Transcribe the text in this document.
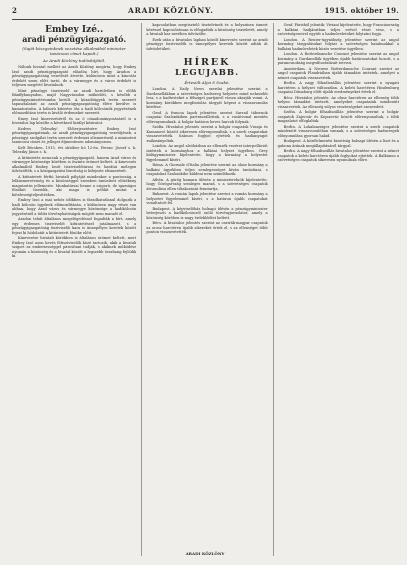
2	ARADI KÖZLÖNY.	1915. október 19.
Embey Izé..
aradi pénzügyigazgató.
(Saját közegeinknek vezetése alkalmából miniszter tanácsosi címet kapott.)
Az Aradi Közlöny tudósítójától.

Nálunk hivatal mellett az Aradi Közlöny megírta, hogy Embey Izsó aradi pénzügyigazgató előadóa hírt, hogy Aradon a pénzügyigazgatóság vezetését átvette, különösen mint a kincstár érdekét szem előtt tartó, de a vármegye és a város érdekét is teljesen megértő hivatalnok.

Mint pénzügyi tisztviselő az aradi kerületben is előbb Bánffyhunyadon, majd Nagyváradon működött, s később a pénzügyminisztériumba került. A közadóügyek terén szerzett tapasztalatait az aradi pénzügyigazgatóság élére kerülve is kamatoztatta. A háború kitörése óta a hadi kölcsönök jegyzésének előmozdítása terén is kiváló érdemeket szerzett.

Emey Izsó kinevezéséről és az ő címadományozásáról is a hivatalos lap közölte a következő királyi kéziratot.

Kedves Teleszky! Előterjesztésére Embey Izsó pénzügyigazgatónak, az aradi pénzügyigazgatóság vezetőjének, a pénzügyi szolgálat terén szerzett érdemei elismeréseül a miniszteri tanácsosi címet és jelleget díjmentesen adományozom.

Kelt Bécsben, 1915. évi október hó 12-én. Ferenc József s. k. Teleszky János s. k.

A kitüntetés nemcsak a pénzügyigazgató, hanem Arad város és vármegye közönsége körében is őszinte örömet keltett. A kinevezés alkalmából Embey Izsót tisztviselőtársai és barátai melegen üdvözölték, s a közigazgatási bizottság is kifejezte elismerését.

A kitüntetett férfiú hivatali pályáját mindenkor a pontosság, a lelkiismeretesség és a közönséggel szemben tanúsított előzékeny magatartás jellemezte. Munkatársai benne a szigorú, de igazságos főnököt tisztelik, aki maga is példát mutat a kötelességteljesítésben.

Embey Izsó a mai nehéz időkben is fáradhatatlanul dolgozik a hadi kölcsön ügyének előmozdításán, s különösen nagy része van abban, hogy Arad város és vármegye közönsége a hadikölcsön jegyzésénél a többi törvényhatóságok mögött nem maradt el.

Aradon tehát általános megelégedéssel fogadták a hírt, amely egy érdemes tisztviselőt kitüntetéssel jutalmazott, s a pénzügyigazgatóság tisztviselői kara is ünnepélyes keretek között fejezi ki hódolatát a kitüntetett főnöke előtt.

Kinevezése hivatali körökben is általános örömet keltett, mert Embey Izsó azon kevés főtisztviselők közé tartozik, akik a hivatali szigort az emberiességgel párosítani tudják, s akiknek működése nyomán a közönség és a hivatal között a legszebb összhang fejlődik ki.

kapcsolatban megtisztelő tiszteletnek és a helyszínen ismert kéréssel kapcsolatosan is elfogadták a közönség tiszteletét, amely a hivatali kar nevében üdvözölte.

Ezek után a hivatalos lapban közölt kinevezés szerint az aradi pénzügyi tisztviselők is ünnepélyes keretek között adták át üdvözletüket.

HÍREK
LEGUJABB.
Értesült Aljai S Szabó.

London. A Daily News szerdai jelentése szerint a Dardanellákban a szövetséges hadsereg helyzete mind nehezebb lesz, s a hadtesteket a félsziget partjairól vissza akarják vonni. A kormány körökben megfontolás tárgyát képezi a visszavonulás kérdése.

Genf. A francia lapok jelentése szerint Sarrail tábornok csapatai Szalonikiben partraszállottak, s a vasútvonal mentén előrenyomulnak. A bolgár határon heves harcok folynak.

Szófia. Hivatalos jelentés szerint a bolgár csapatok Vranja és Kumanovó között sikeresen előrenyomultak, s a szerb csapatokat visszavetették. Számos foglyot ejtettek és hadianyagot zsákmányoltak.

London. Az angol alsóházban az ellenzék vezérei interpellációt intéztek a kormányhoz a balkáni helyzet ügyében. Grey külügyminiszter kijelentette, hogy a kormány a helyzetet figyelemmel kíséri.

Róma. A Giornale d'Italia jelentése szerint az olasz kormány a balkáni ügyekben teljes semlegességet kíván tanúsítani, s csapatokat Szalonikibe küldeni nem szándékozik.

Athén. A görög kamara ülésén a miniszterelnök kijelentette, hogy Görögország semleges marad, s a szövetséges csapatok átvonulása ellen tiltakozását fenntartja.

Bukarest. A román lapok jelentése szerint a román kormány a helyzetet figyelemmel kíséri, s a határon újabb csapatokat vonultatott fel.

Budapest. A képviselőház holnapi ülésén a pénzügyminiszter beterjeszti a hadikölcsönről szóló törvényjavaslatot, amely a közönség körében is nagy érdeklődést keltett.

Bécs. A hivatalos jelentés szerint az osztrák-magyar csapatok az orosz harctéren újabb sikereket értek el, s az ellenséget több ponton visszavetették.

ARADI KÖZLÖNY

Genf. Párisból jelentik: Viviani kijelentette, hogy Franciaország a balkáni hadjáratban teljes erővel részt vesz, s a szövetségeseivel együtt a hadműveleteket folytatni fogja.

London. A Reuter-ügynökség jelentése szerint az angol kormány tárgyalásokat folytat a szövetséges hatalmakkal a balkáni hadműveletek közös vezetése ügyében.

London. A Rotterdamsche Courant jelentése szerint az angol kormány a Dardanellák ügyében újabb határozatokat hozott, s a parancsnokság megváltoztatását tervezi.

Amsterdam. A Nieuwe Rotterdamsche Courant szerint az angol csapatok Flandriában újabb támadást intéztek, amelyet a német csapatok visszavertek.

Berlin. A nagy főhadiszállás jelentése szerint a nyugati harctéren a helyzet változatlan. A keleti harctéren Hindenburg csapatai Dünaburg előtt újabb eredményeket értek el.

Bécs. Hivatalos jelentés: Az olasz harctéren az ellenség több helyen támadást intézett, amelyeket csapataink mindenütt visszavertek. Az ellenség súlyos veszteségeket szenvedett.

Szófia. A bolgár főhadiszállás jelentése szerint a bolgár csapatok Zajecsár és Knjazevác között előrenyomultak, s több magaslatot elfoglaltak.

Berlin. A Lokalanzeiger jelentése szerint a szerb csapatok mindenütt visszavonulóban vannak, s a szövetséges hadseregek előnyomulása gyorsan halad.

Budapest. A közélelmezési bizottság holnapi ülésén a liszt és a gabona árának megállapításáról tárgyal.

Berlin. A nagy főhadiszállás hivatalos jelentése szerint a német csapatok a keleti harctéren újabb foglyokat ejtettek. A Balkánon a szövetséges csapatok sikeresen nyomulnak előre.
